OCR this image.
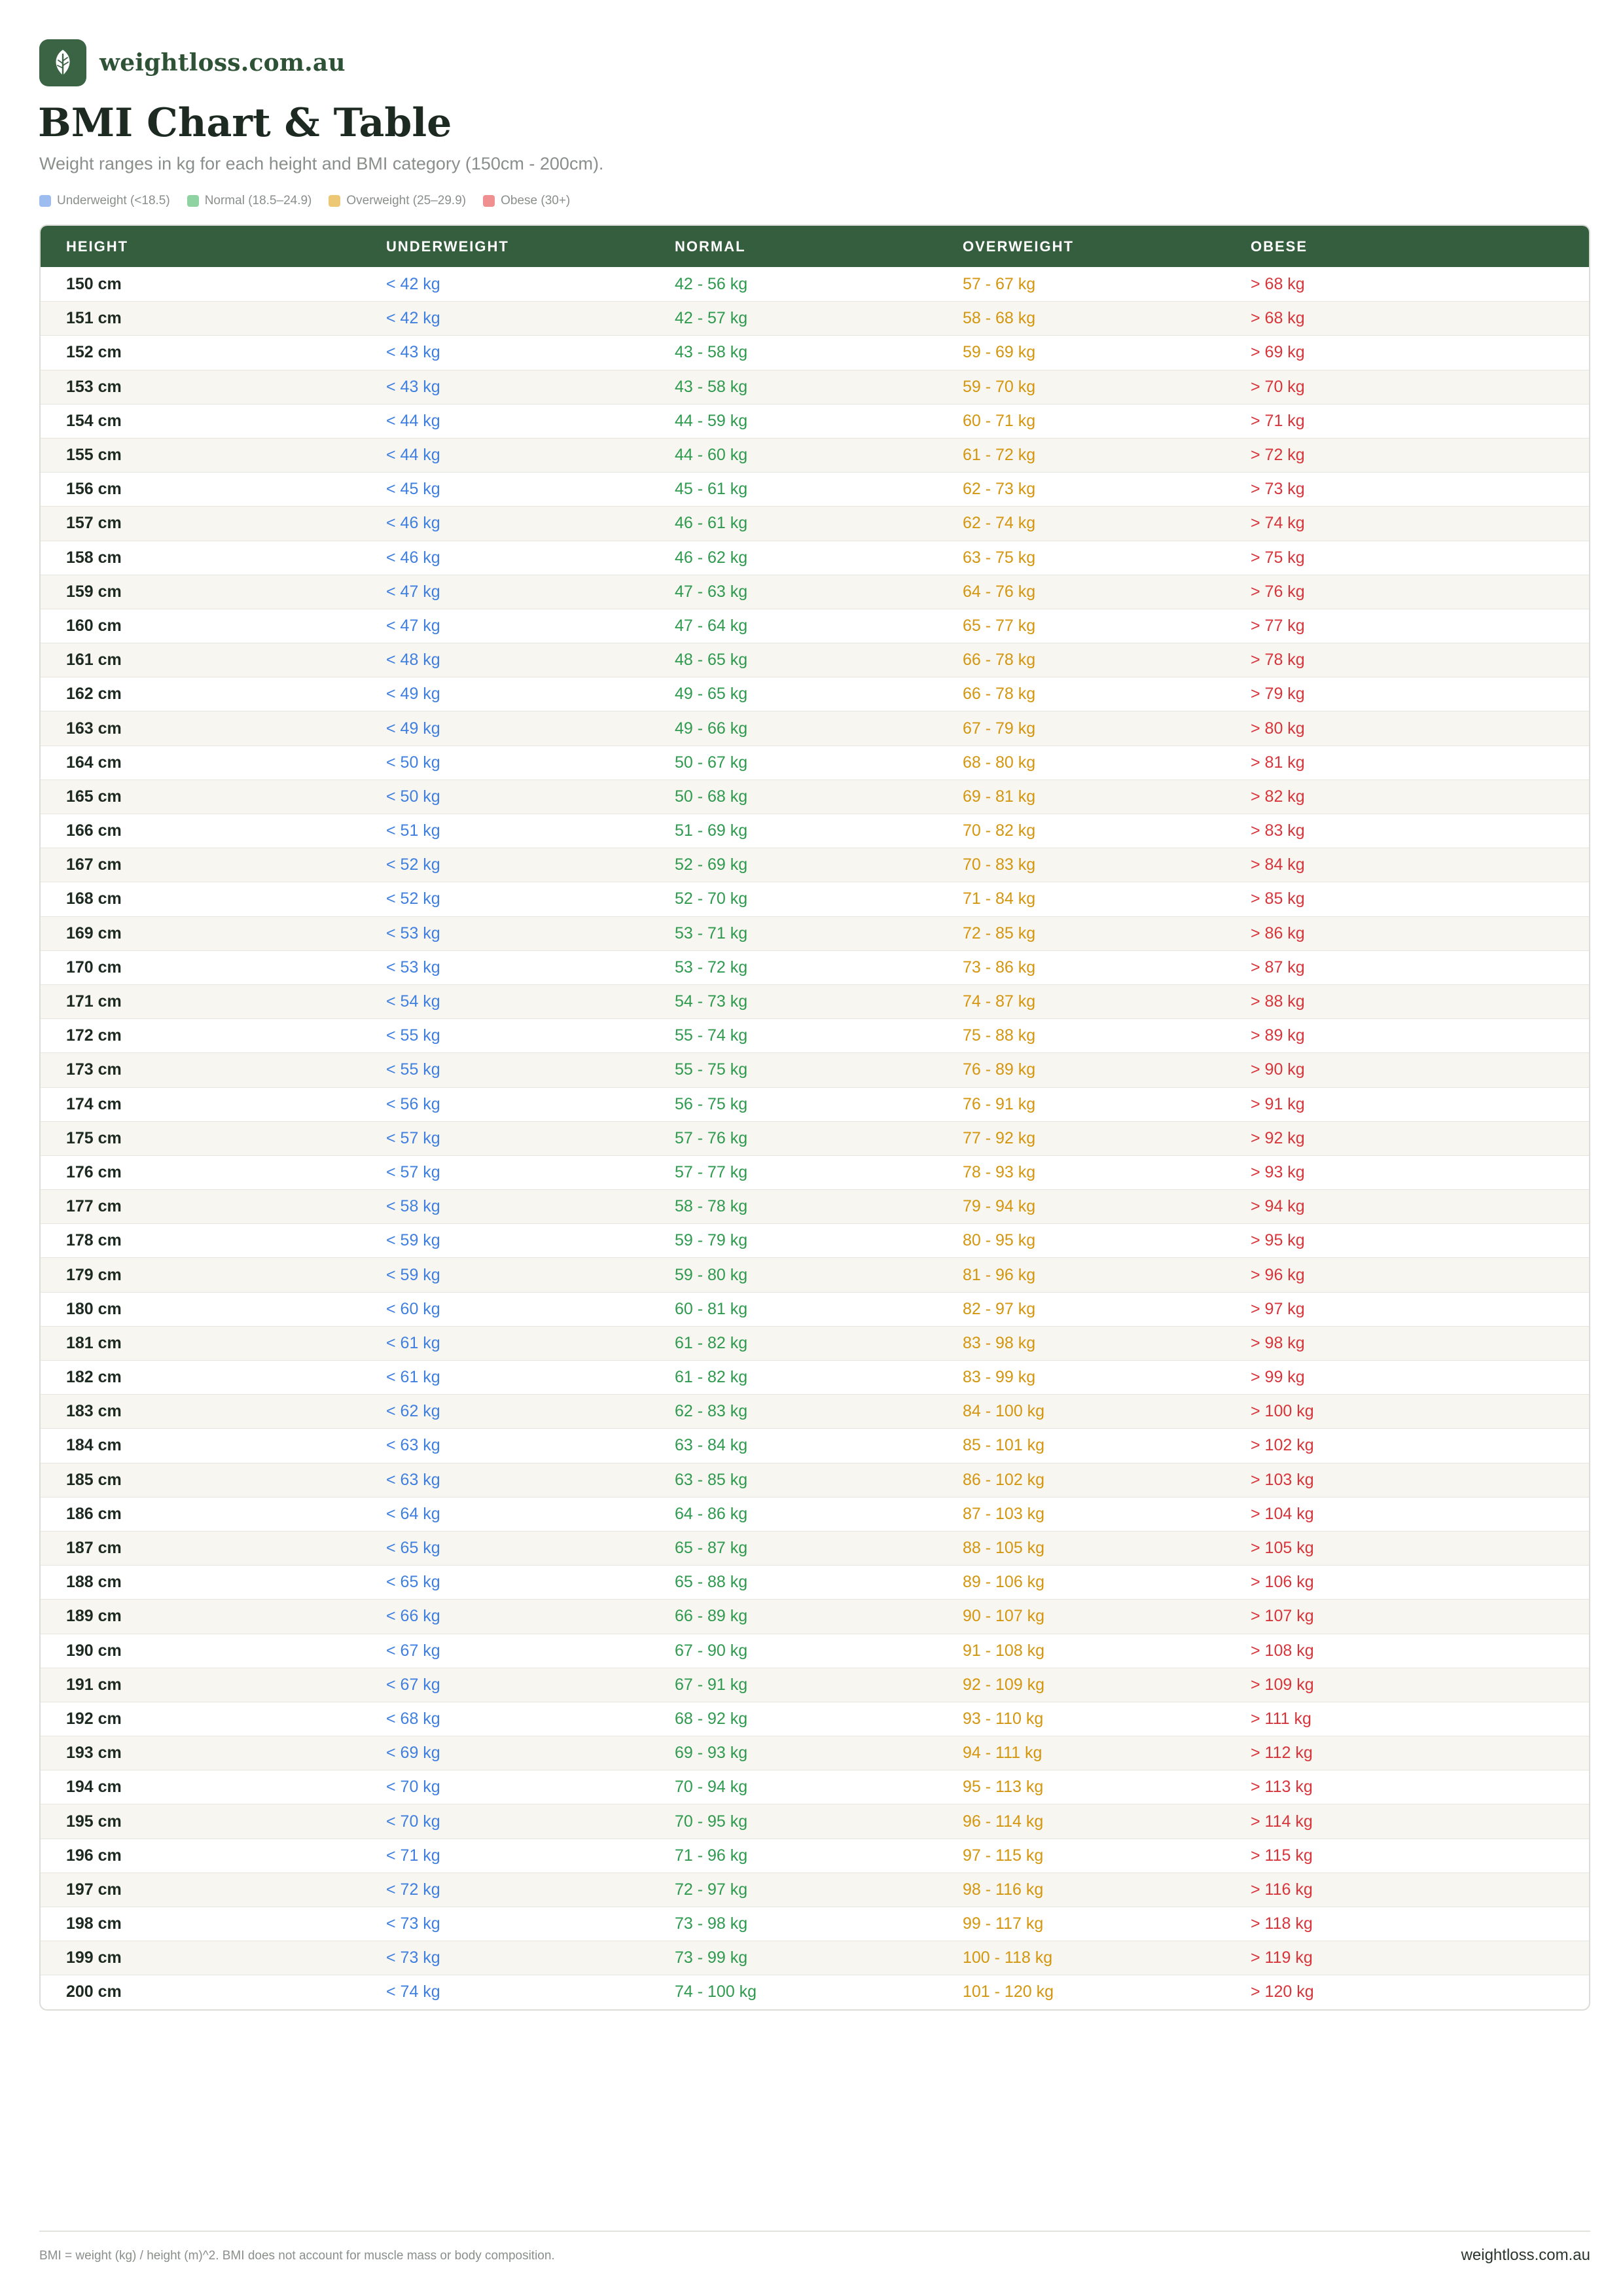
weightloss.com.au
BMI Chart & Table
Weight ranges in kg for each height and BMI category (150cm - 200cm).
Underweight (<18.5)	Normal (18.5–24.9)	Overweight (25–29.9)	Obese (30+)
HEIGHT	UNDERWEIGHT	NORMAL	OVERWEIGHT	OBESE
150 cm	< 42 kg	42 - 56 kg	57 - 67 kg	> 68 kg
151 cm	< 42 kg	42 - 57 kg	58 - 68 kg	> 68 kg
152 cm	< 43 kg	43 - 58 kg	59 - 69 kg	> 69 kg
153 cm	< 43 kg	43 - 58 kg	59 - 70 kg	> 70 kg
154 cm	< 44 kg	44 - 59 kg	60 - 71 kg	> 71 kg
155 cm	< 44 kg	44 - 60 kg	61 - 72 kg	> 72 kg
156 cm	< 45 kg	45 - 61 kg	62 - 73 kg	> 73 kg
157 cm	< 46 kg	46 - 61 kg	62 - 74 kg	> 74 kg
158 cm	< 46 kg	46 - 62 kg	63 - 75 kg	> 75 kg
159 cm	< 47 kg	47 - 63 kg	64 - 76 kg	> 76 kg
160 cm	< 47 kg	47 - 64 kg	65 - 77 kg	> 77 kg
161 cm	< 48 kg	48 - 65 kg	66 - 78 kg	> 78 kg
162 cm	< 49 kg	49 - 65 kg	66 - 78 kg	> 79 kg
163 cm	< 49 kg	49 - 66 kg	67 - 79 kg	> 80 kg
164 cm	< 50 kg	50 - 67 kg	68 - 80 kg	> 81 kg
165 cm	< 50 kg	50 - 68 kg	69 - 81 kg	> 82 kg
166 cm	< 51 kg	51 - 69 kg	70 - 82 kg	> 83 kg
167 cm	< 52 kg	52 - 69 kg	70 - 83 kg	> 84 kg
168 cm	< 52 kg	52 - 70 kg	71 - 84 kg	> 85 kg
169 cm	< 53 kg	53 - 71 kg	72 - 85 kg	> 86 kg
170 cm	< 53 kg	53 - 72 kg	73 - 86 kg	> 87 kg
171 cm	< 54 kg	54 - 73 kg	74 - 87 kg	> 88 kg
172 cm	< 55 kg	55 - 74 kg	75 - 88 kg	> 89 kg
173 cm	< 55 kg	55 - 75 kg	76 - 89 kg	> 90 kg
174 cm	< 56 kg	56 - 75 kg	76 - 91 kg	> 91 kg
175 cm	< 57 kg	57 - 76 kg	77 - 92 kg	> 92 kg
176 cm	< 57 kg	57 - 77 kg	78 - 93 kg	> 93 kg
177 cm	< 58 kg	58 - 78 kg	79 - 94 kg	> 94 kg
178 cm	< 59 kg	59 - 79 kg	80 - 95 kg	> 95 kg
179 cm	< 59 kg	59 - 80 kg	81 - 96 kg	> 96 kg
180 cm	< 60 kg	60 - 81 kg	82 - 97 kg	> 97 kg
181 cm	< 61 kg	61 - 82 kg	83 - 98 kg	> 98 kg
182 cm	< 61 kg	61 - 82 kg	83 - 99 kg	> 99 kg
183 cm	< 62 kg	62 - 83 kg	84 - 100 kg	> 100 kg
184 cm	< 63 kg	63 - 84 kg	85 - 101 kg	> 102 kg
185 cm	< 63 kg	63 - 85 kg	86 - 102 kg	> 103 kg
186 cm	< 64 kg	64 - 86 kg	87 - 103 kg	> 104 kg
187 cm	< 65 kg	65 - 87 kg	88 - 105 kg	> 105 kg
188 cm	< 65 kg	65 - 88 kg	89 - 106 kg	> 106 kg
189 cm	< 66 kg	66 - 89 kg	90 - 107 kg	> 107 kg
190 cm	< 67 kg	67 - 90 kg	91 - 108 kg	> 108 kg
191 cm	< 67 kg	67 - 91 kg	92 - 109 kg	> 109 kg
192 cm	< 68 kg	68 - 92 kg	93 - 110 kg	> 111 kg
193 cm	< 69 kg	69 - 93 kg	94 - 111 kg	> 112 kg
194 cm	< 70 kg	70 - 94 kg	95 - 113 kg	> 113 kg
195 cm	< 70 kg	70 - 95 kg	96 - 114 kg	> 114 kg
196 cm	< 71 kg	71 - 96 kg	97 - 115 kg	> 115 kg
197 cm	< 72 kg	72 - 97 kg	98 - 116 kg	> 116 kg
198 cm	< 73 kg	73 - 98 kg	99 - 117 kg	> 118 kg
199 cm	< 73 kg	73 - 99 kg	100 - 118 kg	> 119 kg
200 cm	< 74 kg	74 - 100 kg	101 - 120 kg	> 120 kg
BMI = weight (kg) / height (m)^2. BMI does not account for muscle mass or body composition.	weightloss.com.au
